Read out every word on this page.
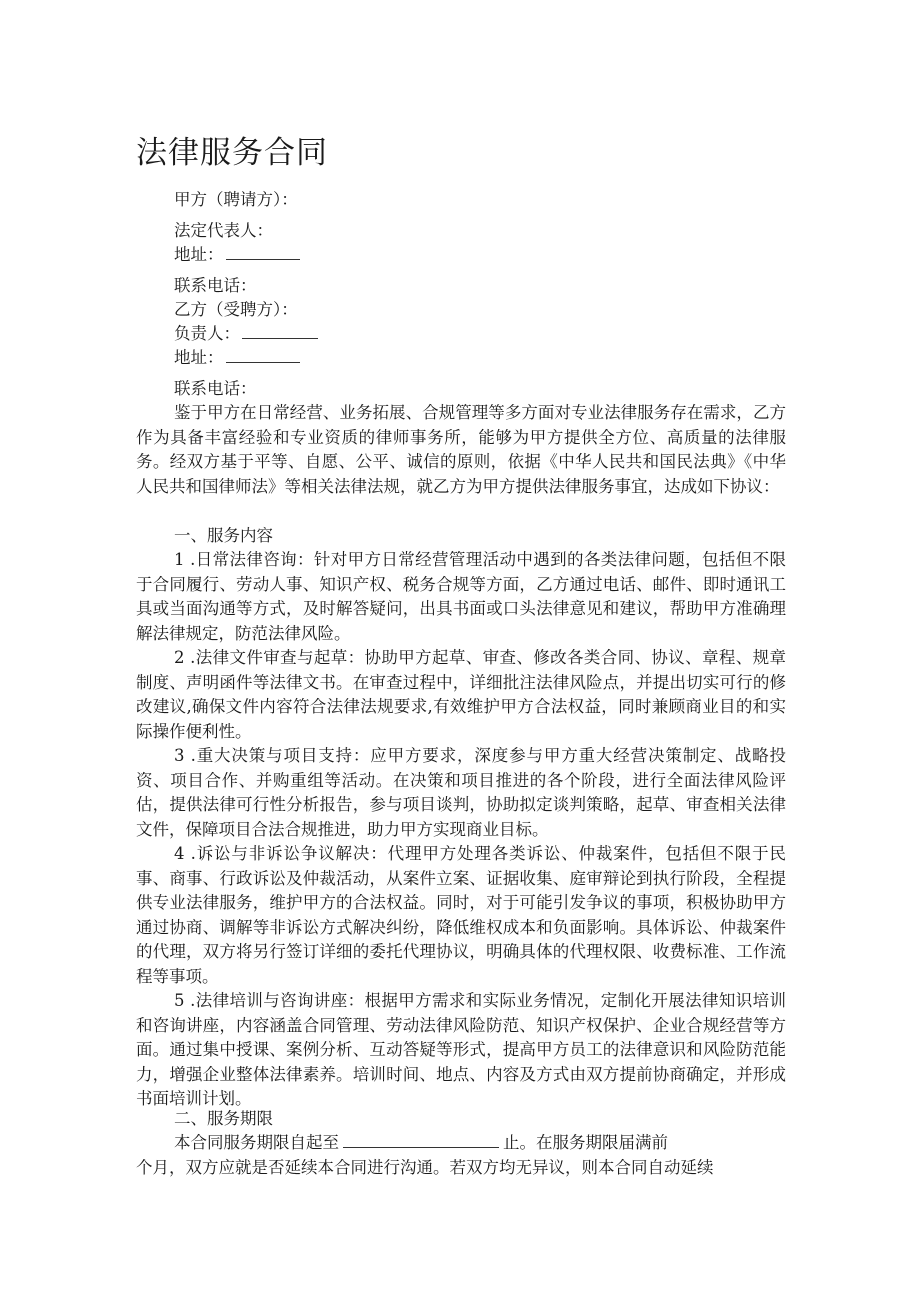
法律服务合同
甲方（聘请方）：
法定代表人：
地址：
联系电话：
乙方（受聘方）：
负责人：
地址：
联系电话：

鉴于甲方在日常经营、业务拓展、合规管理等多方面对专业法律服务存在需求，乙方作为具备丰富经验和专业资质的律师事务所，能够为甲方提供全方位、高质量的法律服务。经双方基于平等、自愿、公平、诚信的原则，依据《中华人民共和国民法典》《中华人民共和国律师法》等相关法律法规，就乙方为甲方提供法律服务事宜，达成如下协议：

一、服务内容

1 .日常法律咨询：针对甲方日常经营管理活动中遇到的各类法律问题，包括但不限于合同履行、劳动人事、知识产权、税务合规等方面，乙方通过电话、邮件、即时通讯工具或当面沟通等方式，及时解答疑问，出具书面或口头法律意见和建议，帮助甲方准确理解法律规定，防范法律风险。

2 .法律文件审查与起草：协助甲方起草、审查、修改各类合同、协议、章程、规章制度、声明函件等法律文书。在审查过程中，详细批注法律风险点，并提出切实可行的修改建议,确保文件内容符合法律法规要求,有效维护甲方合法权益，同时兼顾商业目的和实际操作便利性。

3 .重大决策与项目支持：应甲方要求，深度参与甲方重大经营决策制定、战略投资、项目合作、并购重组等活动。在决策和项目推进的各个阶段，进行全面法律风险评估，提供法律可行性分析报告，参与项目谈判，协助拟定谈判策略，起草、审查相关法律文件，保障项目合法合规推进，助力甲方实现商业目标。

4 .诉讼与非诉讼争议解决：代理甲方处理各类诉讼、仲裁案件，包括但不限于民事、商事、行政诉讼及仲裁活动，从案件立案、证据收集、庭审辩论到执行阶段，全程提供专业法律服务，维护甲方的合法权益。同时，对于可能引发争议的事项，积极协助甲方通过协商、调解等非诉讼方式解决纠纷，降低维权成本和负面影响。具体诉讼、仲裁案件的代理，双方将另行签订详细的委托代理协议，明确具体的代理权限、收费标准、工作流程等事项。

5 .法律培训与咨询讲座：根据甲方需求和实际业务情况，定制化开展法律知识培训和咨询讲座，内容涵盖合同管理、劳动法律风险防范、知识产权保护、企业合规经营等方面。通过集中授课、案例分析、互动答疑等形式，提高甲方员工的法律意识和风险防范能力，增强企业整体法律素养。培训时间、地点、内容及方式由双方提前协商确定，并形成书面培训计划。

二、服务期限

本合同服务期限自起至	止。在服务期限届满前

个月，双方应就是否延续本合同进行沟通。若双方均无异议，则本合同自动延续
